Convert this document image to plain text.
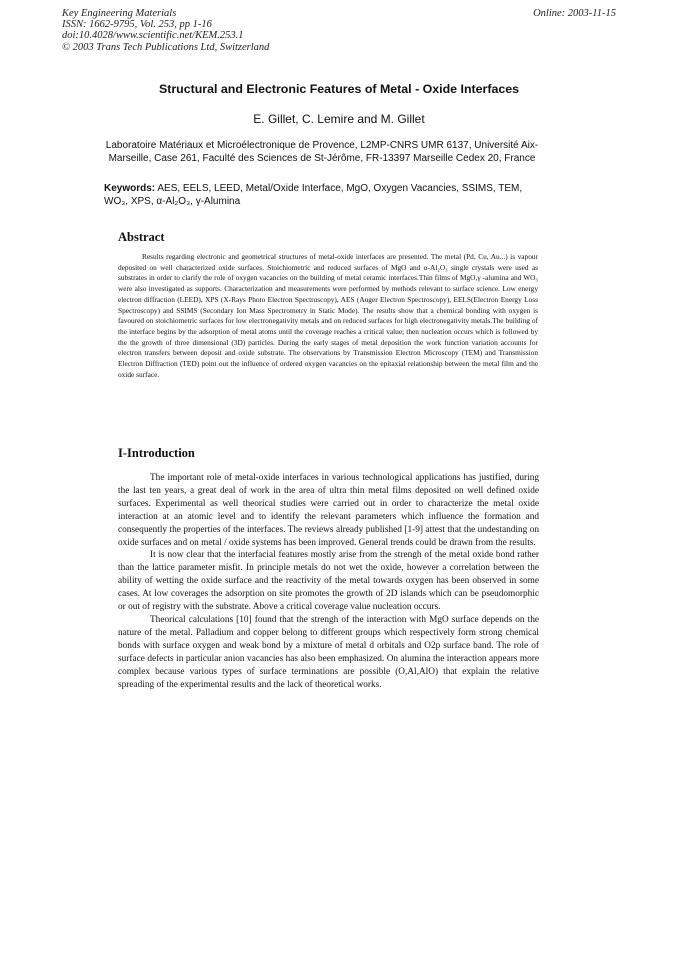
Key Engineering Materials
ISSN: 1662-9795, Vol. 253, pp 1-16
doi:10.4028/www.scientific.net/KEM.253.1
© 2003 Trans Tech Publications Ltd, Switzerland
Online: 2003-11-15
Structural and Electronic Features of Metal - Oxide Interfaces
E. Gillet, C. Lemire and M. Gillet
Laboratoire Matériaux et Microélectronique de Provence, L2MP-CNRS UMR 6137, Université Aix-Marseille, Case 261, Faculté des Sciences de St-Jérôme, FR-13397 Marseille Cedex 20, France
Keywords: AES, EELS, LEED, Metal/Oxide Interface, MgO, Oxygen Vacancies, SSIMS, TEM, WO₃, XPS, α-Al₂O₃, γ-Alumina
Abstract

Results regarding electronic and geometrical structures of metal-oxide interfaces are presented. The metal (Pd, Cu, Au...) is vapour deposited on well characterized oxide surfaces. Stoichiometric and reduced surfaces of MgO and α-Al₂O₃ single crystals were used as substrates in order to clarify the role of oxygen vacancies on the building of metal ceramic interfaces.Thin films of MgO,γ -alumina and WO₃ were also investigated as supports. Characterization and measurements were performed by methods relevant to surface science. Low energy electron diffraction (LEED), XPS (X-Rays Photo Electron Spectroscopy), AES (Auger Electron Spectroscopy), EELS(Electron Energy Loss Spectroscopy) and SSIMS (Secondary Ion Mass Spectrometry in Static Mode). The results show that a chemical bonding with oxygen is favoured on stoichiometric surfaces for low electronegativity metals and on reduced surfaces for high electronegativity metals.The building of the interface begins by the adsorption of metal atoms until the coverage reaches a critical value; then nucleation occurs which is followed by the the growth of three dimensional (3D) particles. During the early stages of metal deposition the work function variation accounts for electron transfers between deposit and oxide substrate. The observations by Transmission Electron Microscopy (TEM) and Transmission Electron Diffraction (TED) point out the influence of ordered oxygen vacancies on the epitaxial relationship between the metal film and the oxide surface.

I-Introduction

The important role of metal-oxide interfaces in various technological applications has justified, during the last ten years, a great deal of work in the area of ultra thin metal films deposited on well defined oxide surfaces. Experimental as well theorical studies were carried out in order to characterize the metal oxide interaction at an atomic level and to identify the relevant parameters which influence the formation and consequently the properties of the interfaces. The reviews already published [1-9] attest that the undestanding on oxide surfaces and on metal / oxide systems has been improved. General trends could be drawn from the results.

It is now clear that the interfacial features mostly arise from the strengh of the metal oxide bond rather than the lattice parameter misfit. In principle metals do not wet the oxide, however a correlation between the ability of wetting the oxide surface and the reactivity of the metal towards oxygen has been observed in some cases. At low coverages the adsorption on site promotes the growth of 2D islands which can be pseudomorphic or out of registry with the substrate. Above a critical coverage value nucleation occurs.

Theorical calculations [10] found that the strengh of the interaction with MgO surface depends on the nature of the metal. Palladium and copper belong to different groups which respectively form strong chemical bonds with surface oxygen and weak bond by a mixture of metal d orbitals and O2p surface band. The role of surface defects in particular anion vacancies has also been emphasized. On alumina the interaction appears more complex because various types of surface terminations are possible (O,Al,AlO) that explain the relative spreading of the experimental results and the lack of theoretical works.
